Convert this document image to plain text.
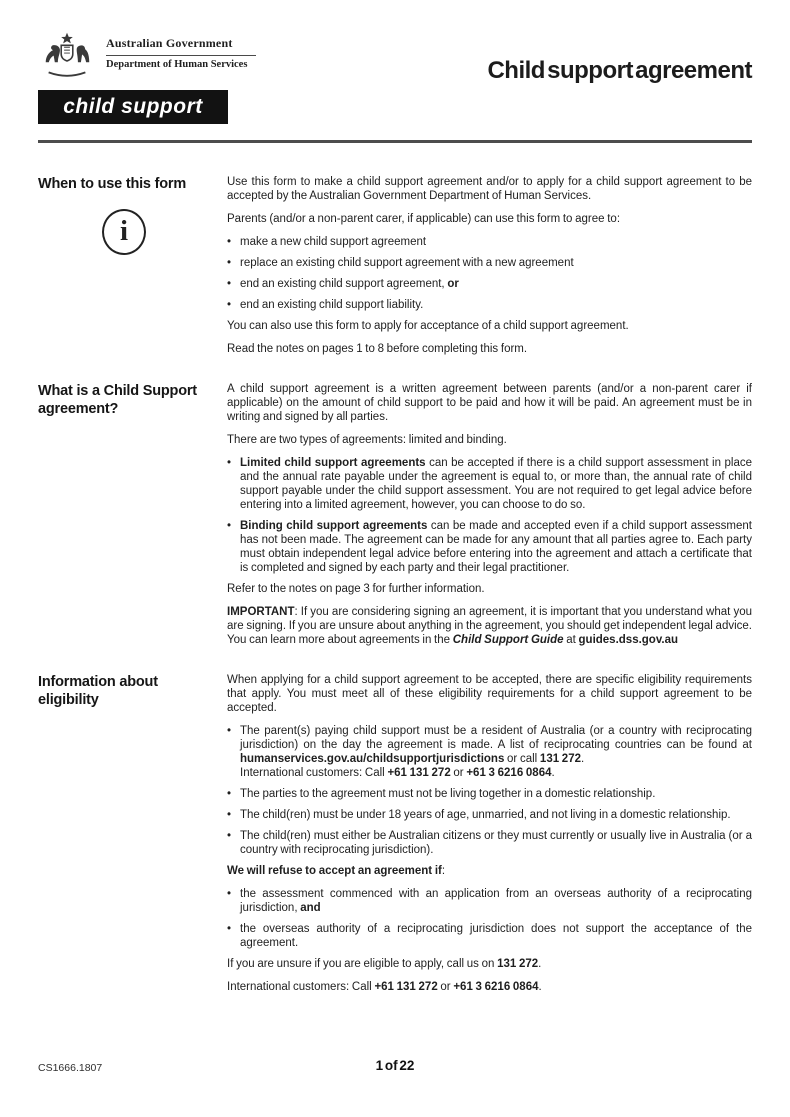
Australian Government
Department of Human Services
child support
Child support agreement
When to use this form
i

Use this form to make a child support agreement and/or to apply for a child support agreement to be accepted by the Australian Government Department of Human Services.

Parents (and/or a non-parent carer, if applicable) can use this form to agree to:

• make a new child support agreement
• replace an existing child support agreement with a new agreement
• end an existing child support agreement, or
• end an existing child support liability.

You can also use this form to apply for acceptance of a child support agreement.

Read the notes on pages 1 to 8 before completing this form.

What is a Child Support agreement?

A child support agreement is a written agreement between parents (and/or a non-parent carer if applicable) on the amount of child support to be paid and how it will be paid. An agreement must be in writing and signed by all parties.

There are two types of agreements: limited and binding.

• Limited child support agreements can be accepted if there is a child support assessment in place and the annual rate payable under the agreement is equal to, or more than, the annual rate of child support payable under the child support assessment. You are not required to get legal advice before entering into a limited agreement, however, you can choose to do so.
• Binding child support agreements can be made and accepted even if a child support assessment has not been made. The agreement can be made for any amount that all parties agree to. Each party must obtain independent legal advice before entering into the agreement and attach a certificate that is completed and signed by each party and their legal practitioner.

Refer to the notes on page 3 for further information.

IMPORTANT: If you are considering signing an agreement, it is important that you understand what you are signing. If you are unsure about anything in the agreement, you should get independent legal advice. You can learn more about agreements in the Child Support Guide at guides.dss.gov.au

Information about eligibility

When applying for a child support agreement to be accepted, there are specific eligibility requirements that apply. You must meet all of these eligibility requirements for a child support agreement to be accepted.

• The parent(s) paying child support must be a resident of Australia (or a country with reciprocating jurisdiction) on the day the agreement is made. A list of reciprocating countries can be found at humanservices.gov.au/childsupportjurisdictions or call 131 272.
International customers: Call +61 131 272 or +61 3 6216 0864.
• The parties to the agreement must not be living together in a domestic relationship.
• The child(ren) must be under 18 years of age, unmarried, and not living in a domestic relationship.
• The child(ren) must either be Australian citizens or they must currently or usually live in Australia (or a country with reciprocating jurisdiction).

We will refuse to accept an agreement if:

• the assessment commenced with an application from an overseas authority of a reciprocating jurisdiction, and
• the overseas authority of a reciprocating jurisdiction does not support the acceptance of the agreement.

If you are unsure if you are eligible to apply, call us on 131 272.

International customers: Call +61 131 272 or +61 3 6216 0864.

CS1666.1807	1 of 22
